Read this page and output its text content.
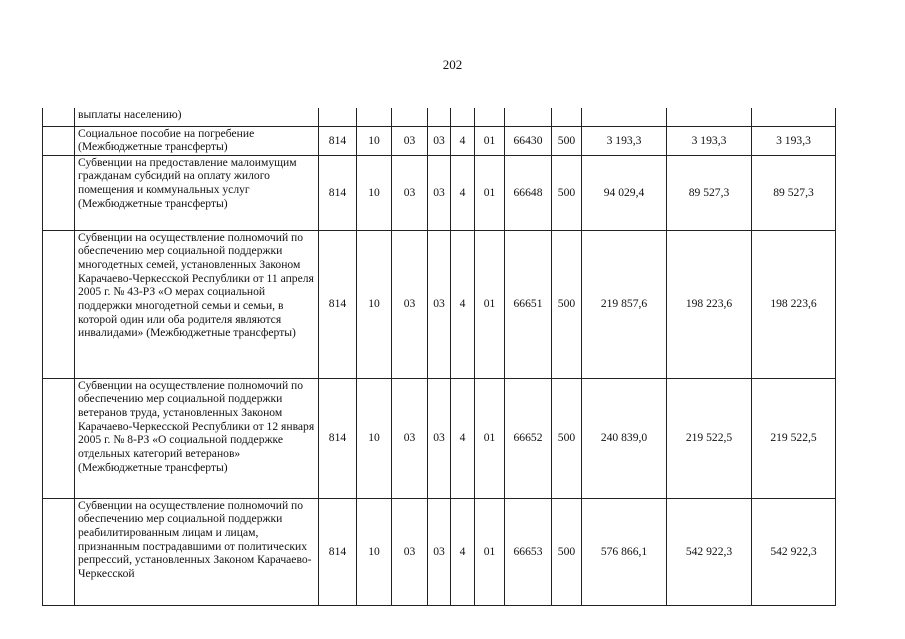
202
	выплаты населению)											
	Социальное пособие на погребение (Межбюджетные трансферты)	814	10	03	03	4	01	66430	500	3 193,3	3 193,3	3 193,3
	Субвенции на предоставление малоимущим гражданам субсидий на оплату жилого помещения и коммунальных услуг (Межбюджетные трансферты)	814	10	03	03	4	01	66648	500	94 029,4	89 527,3	89 527,3
	Субвенции на осуществление полномочий по обеспечению мер социальной поддержки многодетных семей, установленных Законом Карачаево-Черкесской Республики от 11 апреля 2005 г. № 43-РЗ «О мерах социальной поддержки многодетной семьи и семьи, в которой один или оба родителя являются инвалидами» (Межбюджетные трансферты)	814	10	03	03	4	01	66651	500	219 857,6	198 223,6	198 223,6
	Субвенции на осуществление полномочий по обеспечению мер социальной поддержки ветеранов труда, установленных Законом Карачаево-Черкесской Республики от 12 января 2005 г. № 8-РЗ «О социальной поддержке отдельных категорий ветеранов» (Межбюджетные трансферты)	814	10	03	03	4	01	66652	500	240 839,0	219 522,5	219 522,5
	Субвенции на осуществление полномочий по обеспечению мер социальной поддержки реабилитированным лицам и лицам, признанным пострадавшими от политических репрессий, установленных Законом Карачаево-Черкесской	814	10	03	03	4	01	66653	500	576 866,1	542 922,3	542 922,3
